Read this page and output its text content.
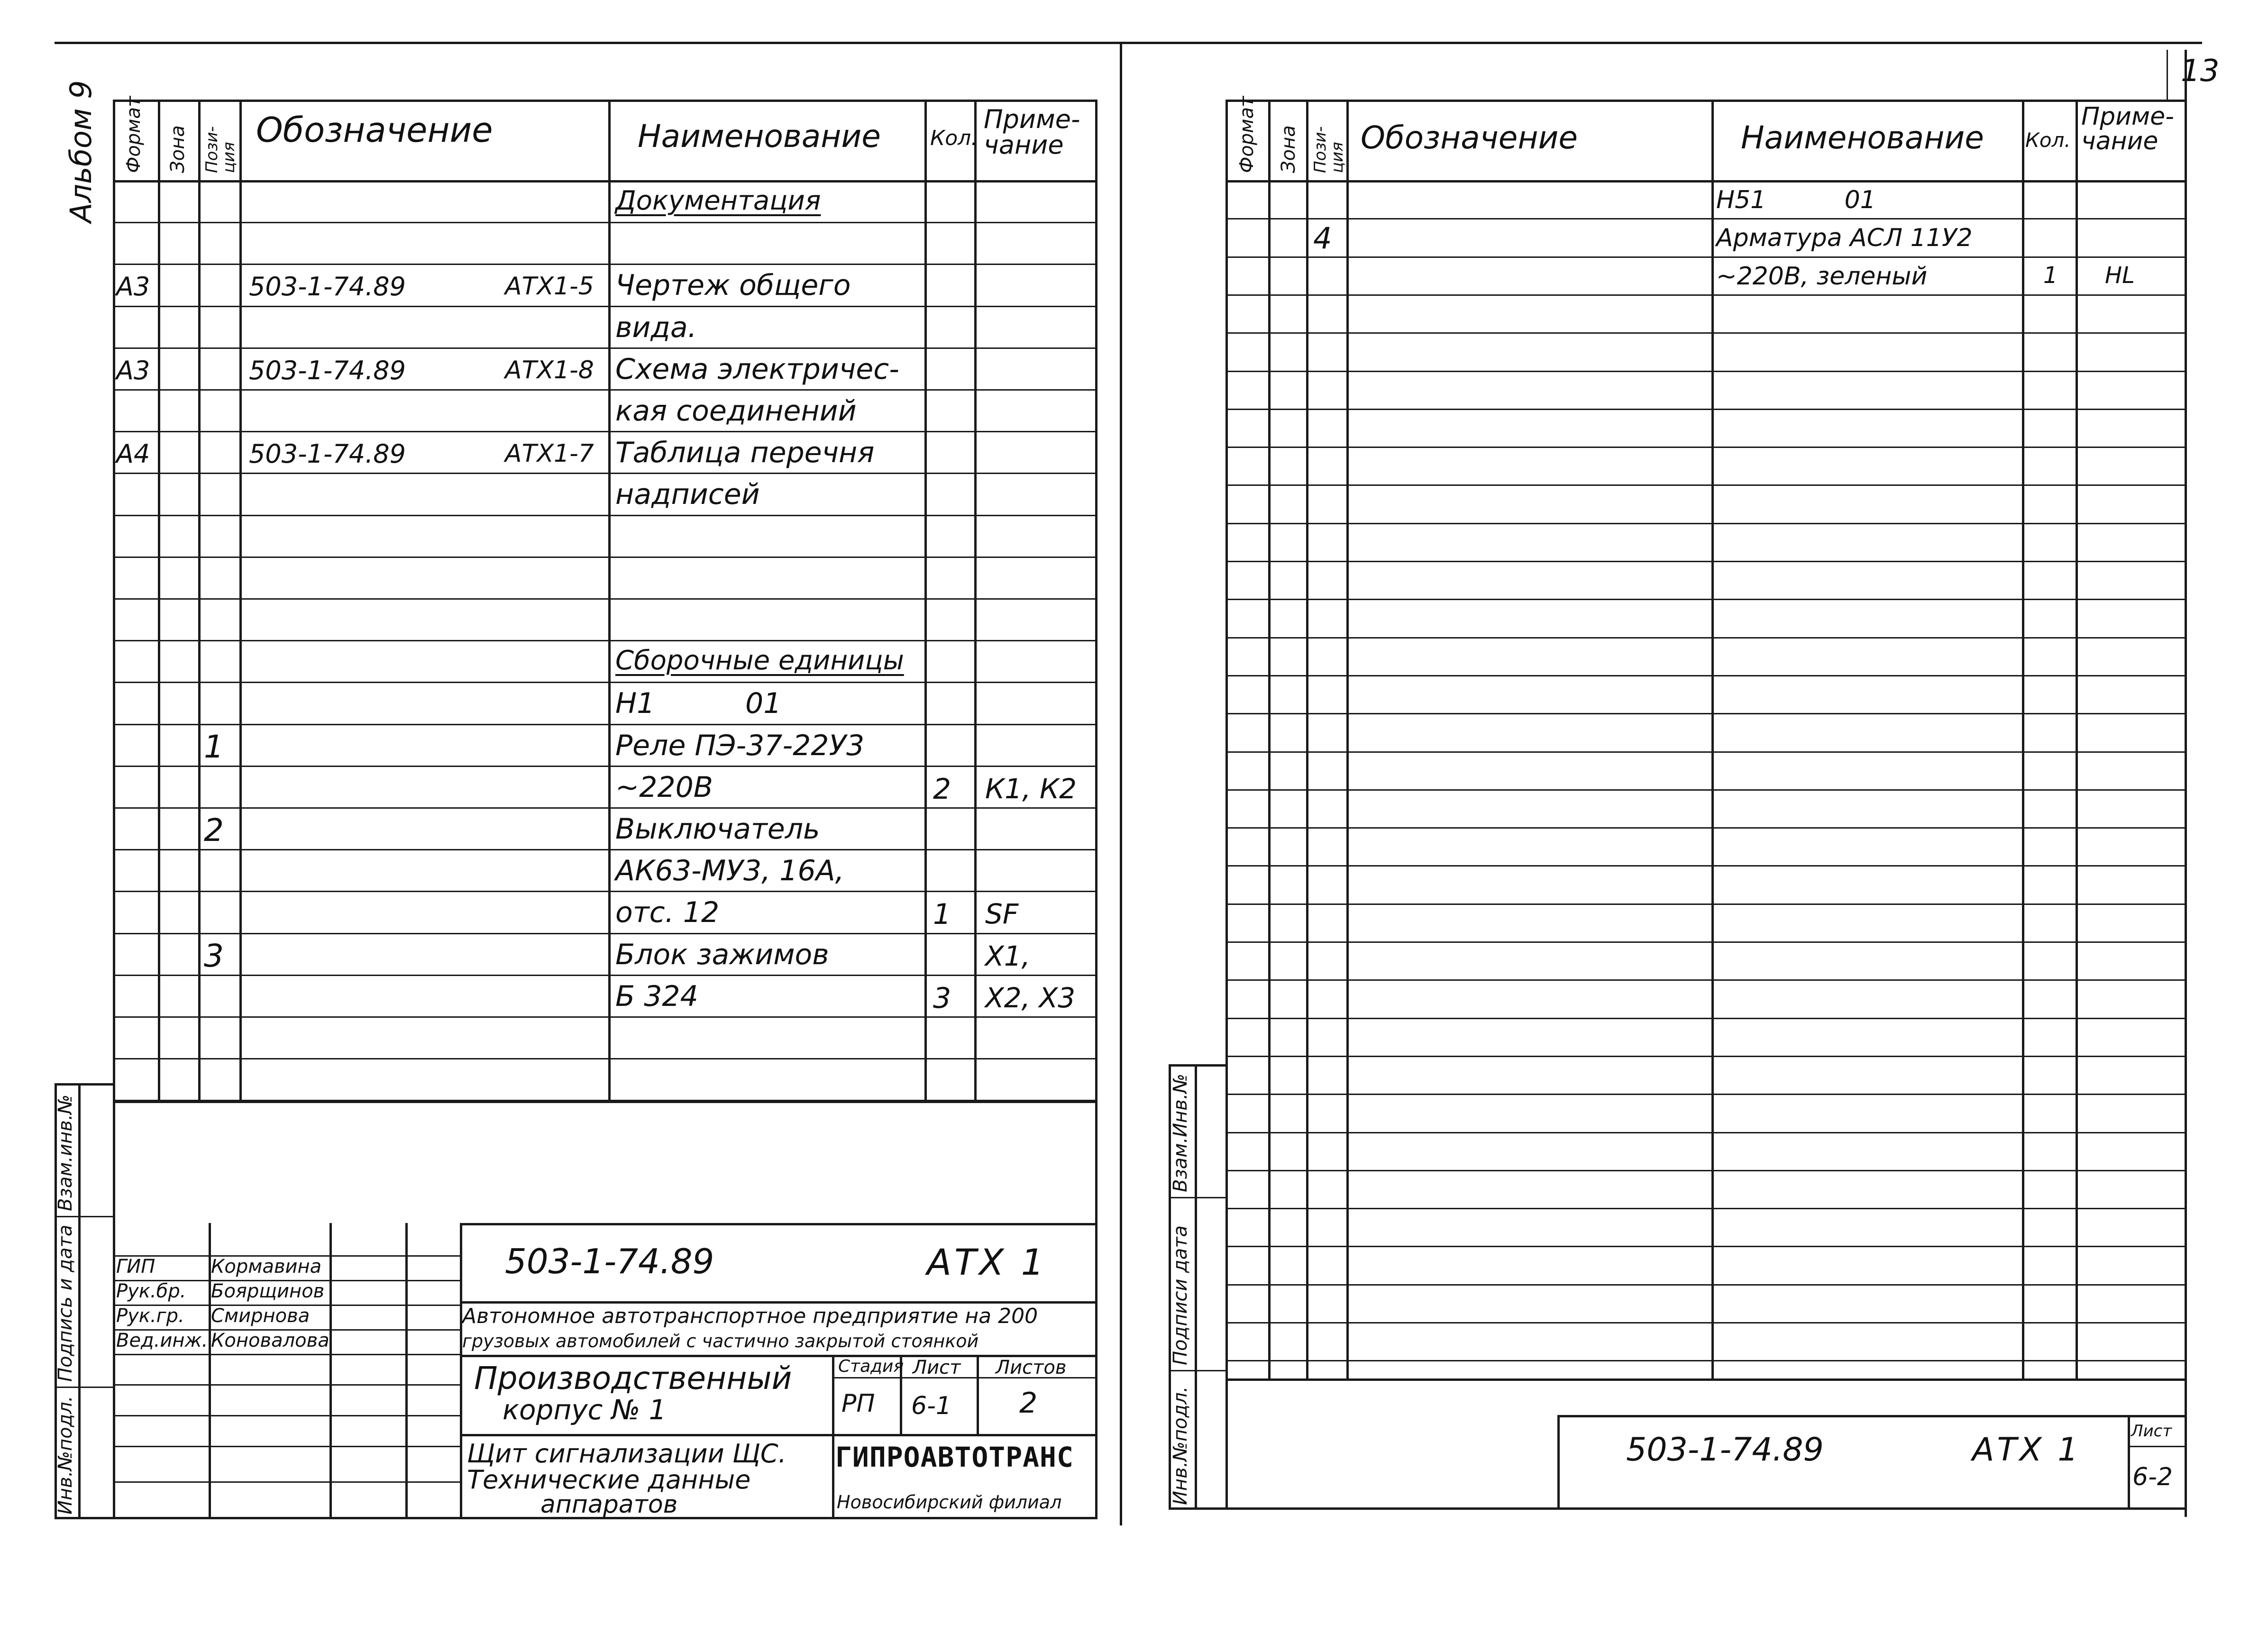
Альбом 9
13
Формат Зона Пози- ция
Обозначение	Наименование Кол.
Приме- чание
Документация
А3	503-1-74.89	АТХ1-5 Чертеж общего
вида.
А3	503-1-74.89	АТХ1-8 Схема электричес-
кая соединений
А4	503-1-74.89	АТХ1-7 Таблица перечня
надписей
Сборочные единицы
Н1          01
1	Реле ПЭ-37-22У3
~220В	2 К1, К2
2	Выключатель
АК63-МУ3, 16А,
отс. 12	1 SF
3	Блок зажимов	Х1,
Б 324	3 Х2, Х3
ГИП	Кормавина
Рук.бр. Боярщинов
Рук.гр. Смирнова
Вед.инж. Коновалова
503-1-74.89	АТХ 1
Автономное автотранспортное предприятие на 200
грузовых автомобилей с частично закрытой стоянкой
Производственный
корпус № 1
Стадия Лист Листов
РП 6-1 2
Щит сигнализации ЩС.
Технические данные
аппаратов
ГИПРОАВТОТРАНС
Новосибирский филиал
Взам.инв.№
Подпись и дата
Инв.№подл.
Формат Зона Пози- ция
Обозначение	Наименование Кол.
Приме- чание
Н51          01
4	Арматура АСЛ 11У2
~220В, зеленый	1 НL
503-1-74.89	АТХ 1	Лист
6-2
Взам.Инв.№
Подписи дата
Инв.№подл.
